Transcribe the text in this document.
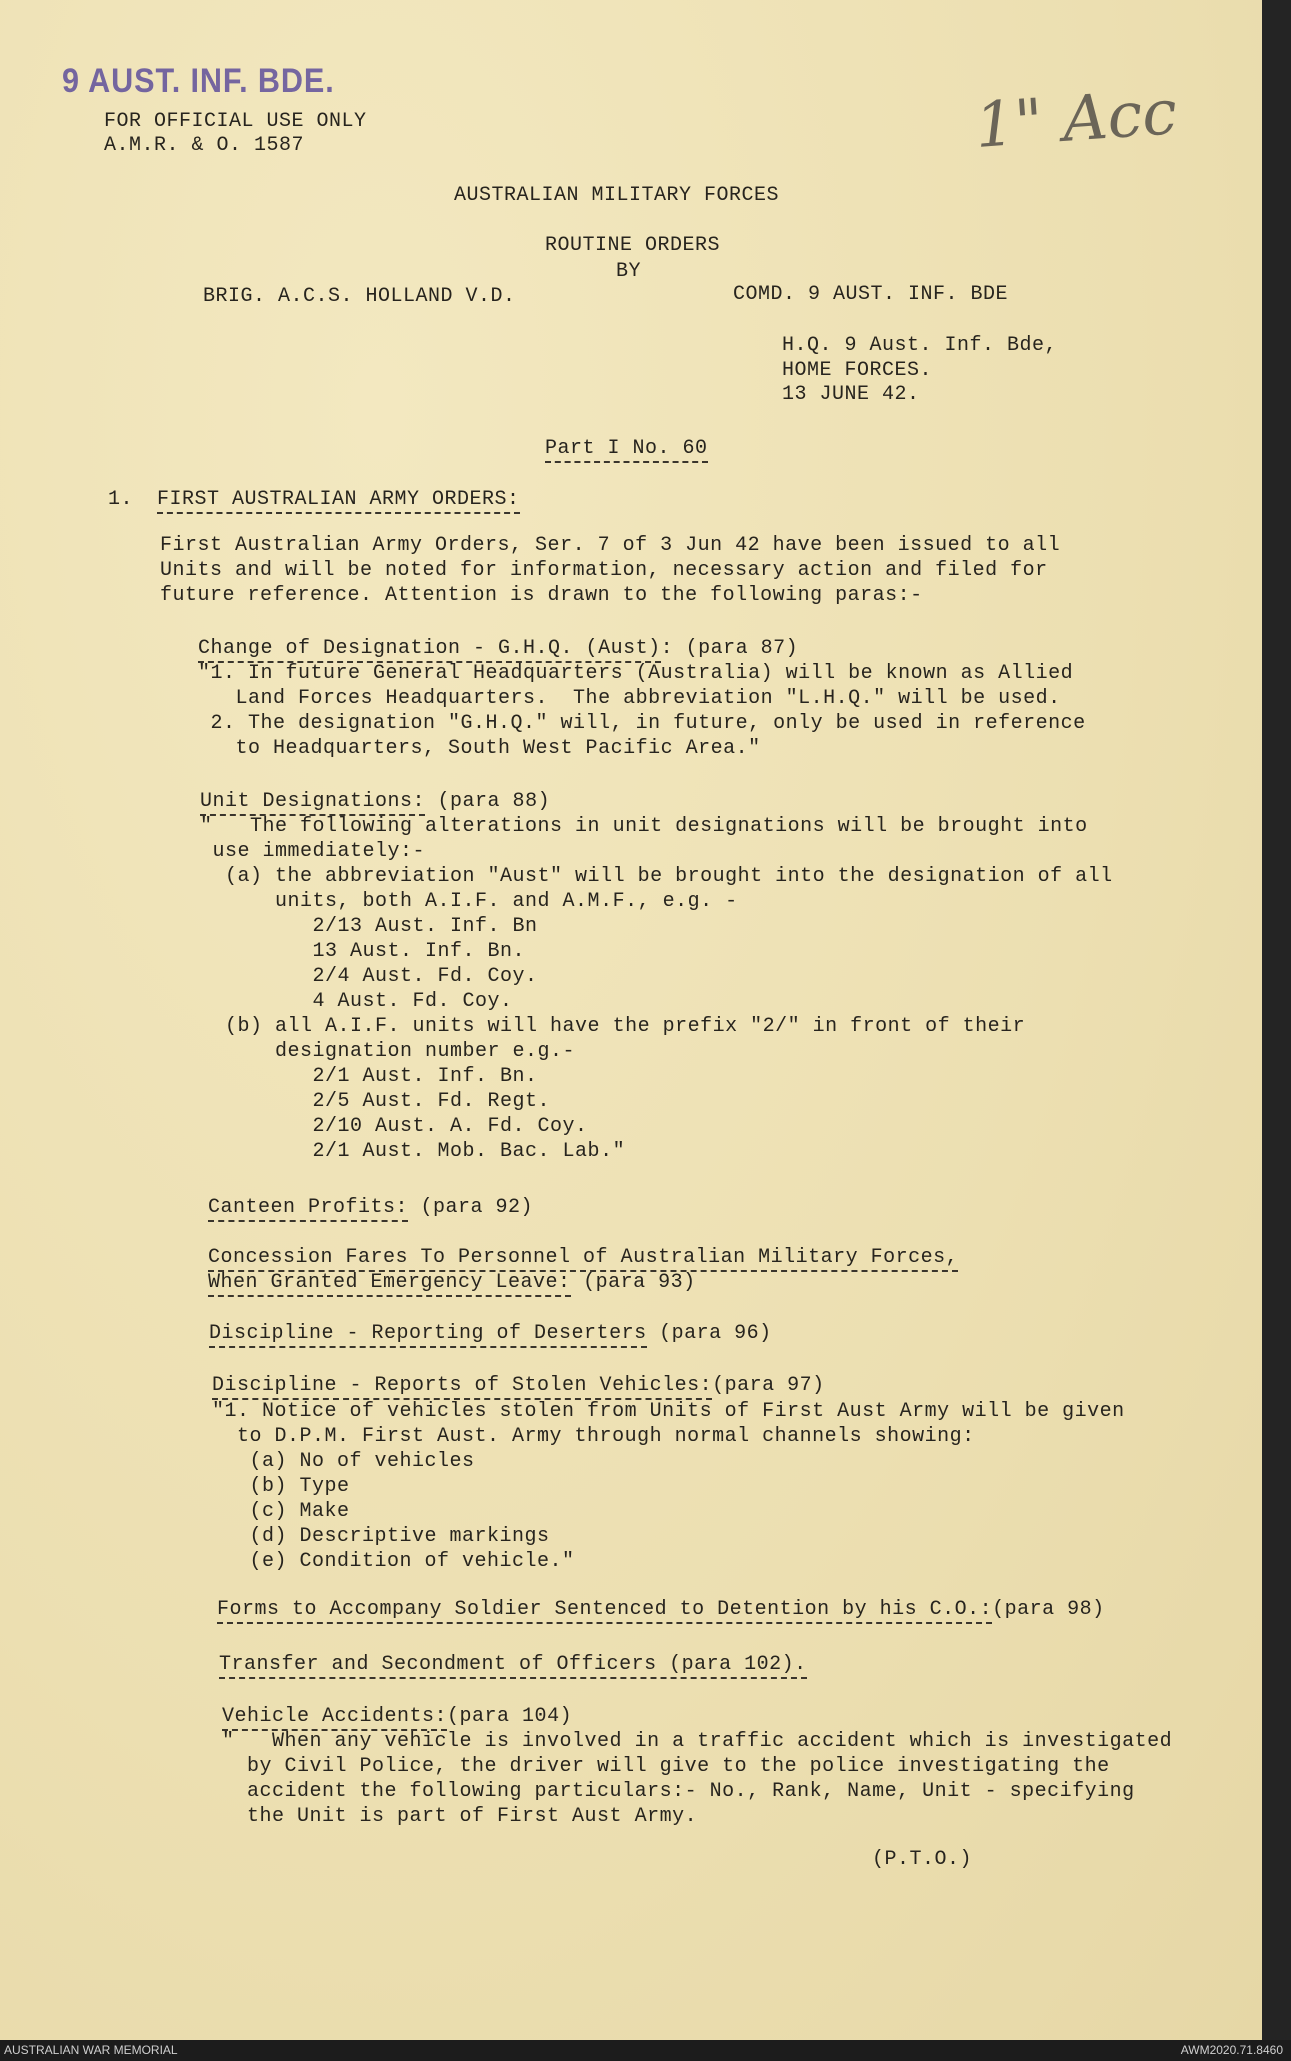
9 AUST. INF. BDE.	1" Acc
FOR OFFICIAL USE ONLY
A.M.R. & O. 1587
AUSTRALIAN MILITARY FORCES
ROUTINE ORDERS
BY
BRIG. A.C.S. HOLLAND V.D.	COMD. 9 AUST. INF. BDE
H.Q. 9 Aust. Inf. Bde,
HOME FORCES.
13 JUNE 42.
Part I No. 60
1. FIRST AUSTRALIAN ARMY ORDERS:
First Australian Army Orders, Ser. 7 of 3 Jun 42 have been issued to all
Units and will be noted for information, necessary action and filed for
future reference. Attention is drawn to the following paras:-
Change of Designation - G.H.Q. (Aust): (para 87)
"1. In future General Headquarters (Australia) will be known as Allied
Land Forces Headquarters.  The abbreviation "L.H.Q." will be used.
2. The designation "G.H.Q." will, in future, only be used in reference
to Headquarters, South West Pacific Area."
Unit Designations: (para 88)
"   The following alterations in unit designations will be brought into
use immediately:-
(a) the abbreviation "Aust" will be brought into the designation of all
units, both A.I.F. and A.M.F., e.g. -
2/13 Aust. Inf. Bn
13 Aust. Inf. Bn.
2/4 Aust. Fd. Coy.
4 Aust. Fd. Coy.
(b) all A.I.F. units will have the prefix "2/" in front of their
designation number e.g.-
2/1 Aust. Inf. Bn.
2/5 Aust. Fd. Regt.
2/10 Aust. A. Fd. Coy.
2/1 Aust. Mob. Bac. Lab."
Canteen Profits: (para 92)
Concession Fares To Personnel of Australian Military Forces,
When Granted Emergency Leave: (para 93)
Discipline - Reporting of Deserters (para 96)
Discipline - Reports of Stolen Vehicles:(para 97)
"1. Notice of vehicles stolen from Units of First Aust Army will be given
to D.P.M. First Aust. Army through normal channels showing:
(a) No of vehicles
(b) Type
(c) Make
(d) Descriptive markings
(e) Condition of vehicle."
Forms to Accompany Soldier Sentenced to Detention by his C.O.:(para 98)
Transfer and Secondment of Officers (para 102).
Vehicle Accidents:(para 104)
"   When any vehicle is involved in a traffic accident which is investigated
by Civil Police, the driver will give to the police investigating the
accident the following particulars:- No., Rank, Name, Unit - specifying
the Unit is part of First Aust Army.
(P.T.O.)
AUSTRALIAN WAR MEMORIAL	AWM2020.71.8460
